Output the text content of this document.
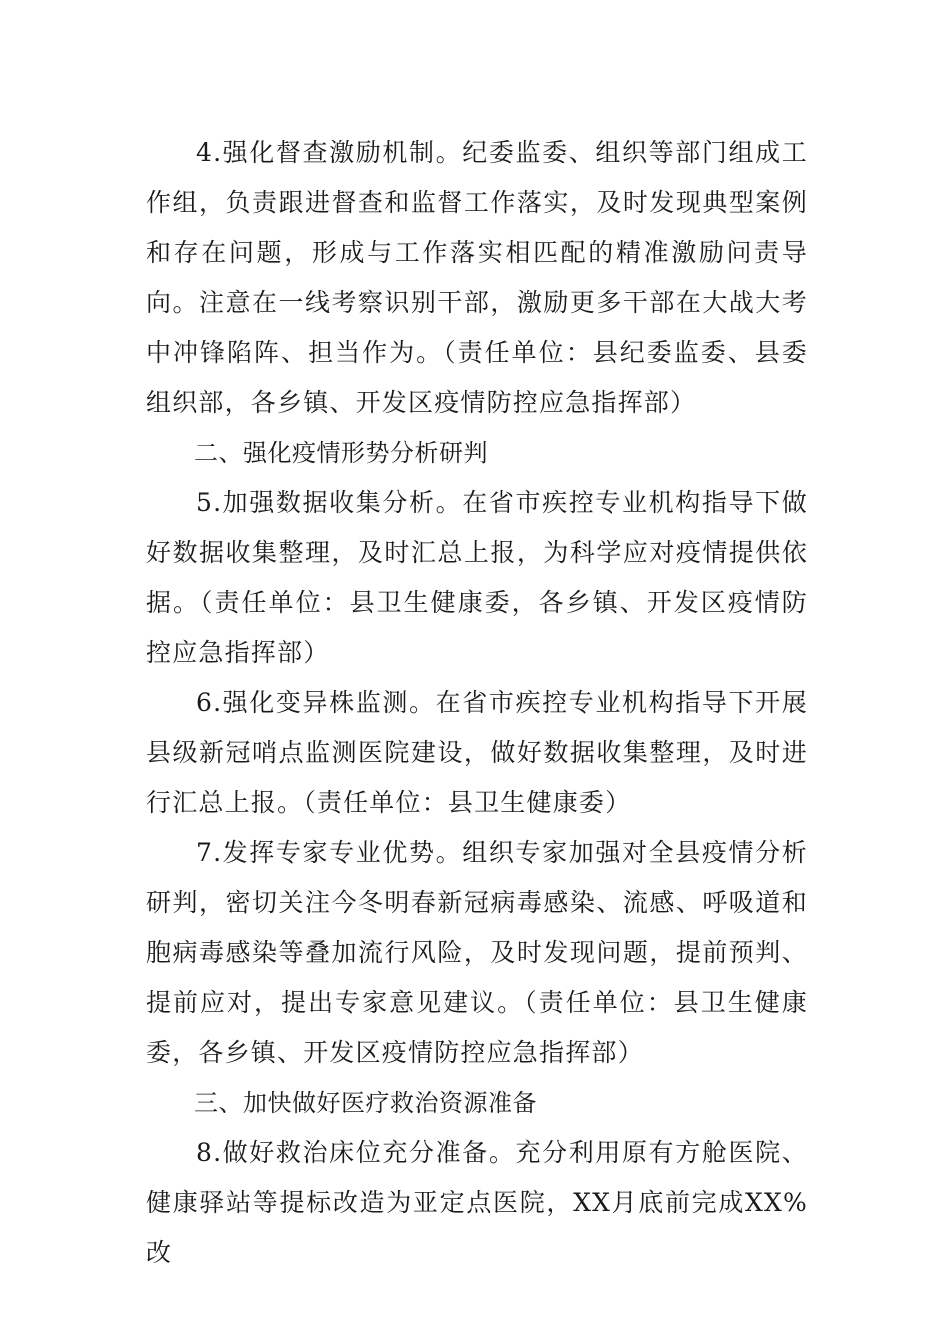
4.强化督查激励机制。纪委监委、组织等部门组成工作组，负责跟进督查和监督工作落实，及时发现典型案例和存在问题，形成与工作落实相匹配的精准激励问责导向。注意在一线考察识别干部，激励更多干部在大战大考中冲锋陷阵、担当作为。（责任单位：县纪委监委、县委组织部，各乡镇、开发区疫情防控应急指挥部）

二、强化疫情形势分析研判

5.加强数据收集分析。在省市疾控专业机构指导下做好数据收集整理，及时汇总上报，为科学应对疫情提供依据。（责任单位：县卫生健康委，各乡镇、开发区疫情防控应急指挥部）

6.强化变异株监测。在省市疾控专业机构指导下开展县级新冠哨点监测医院建设，做好数据收集整理，及时进行汇总上报。（责任单位：县卫生健康委）

7.发挥专家专业优势。组织专家加强对全县疫情分析研判，密切关注今冬明春新冠病毒感染、流感、呼吸道和胞病毒感染等叠加流行风险，及时发现问题，提前预判、提前应对，提出专家意见建议。（责任单位：县卫生健康委，各乡镇、开发区疫情防控应急指挥部）

三、加快做好医疗救治资源准备

8.做好救治床位充分准备。充分利用原有方舱医院、健康驿站等提标改造为亚定点医院，XX月底前完成XX%改
